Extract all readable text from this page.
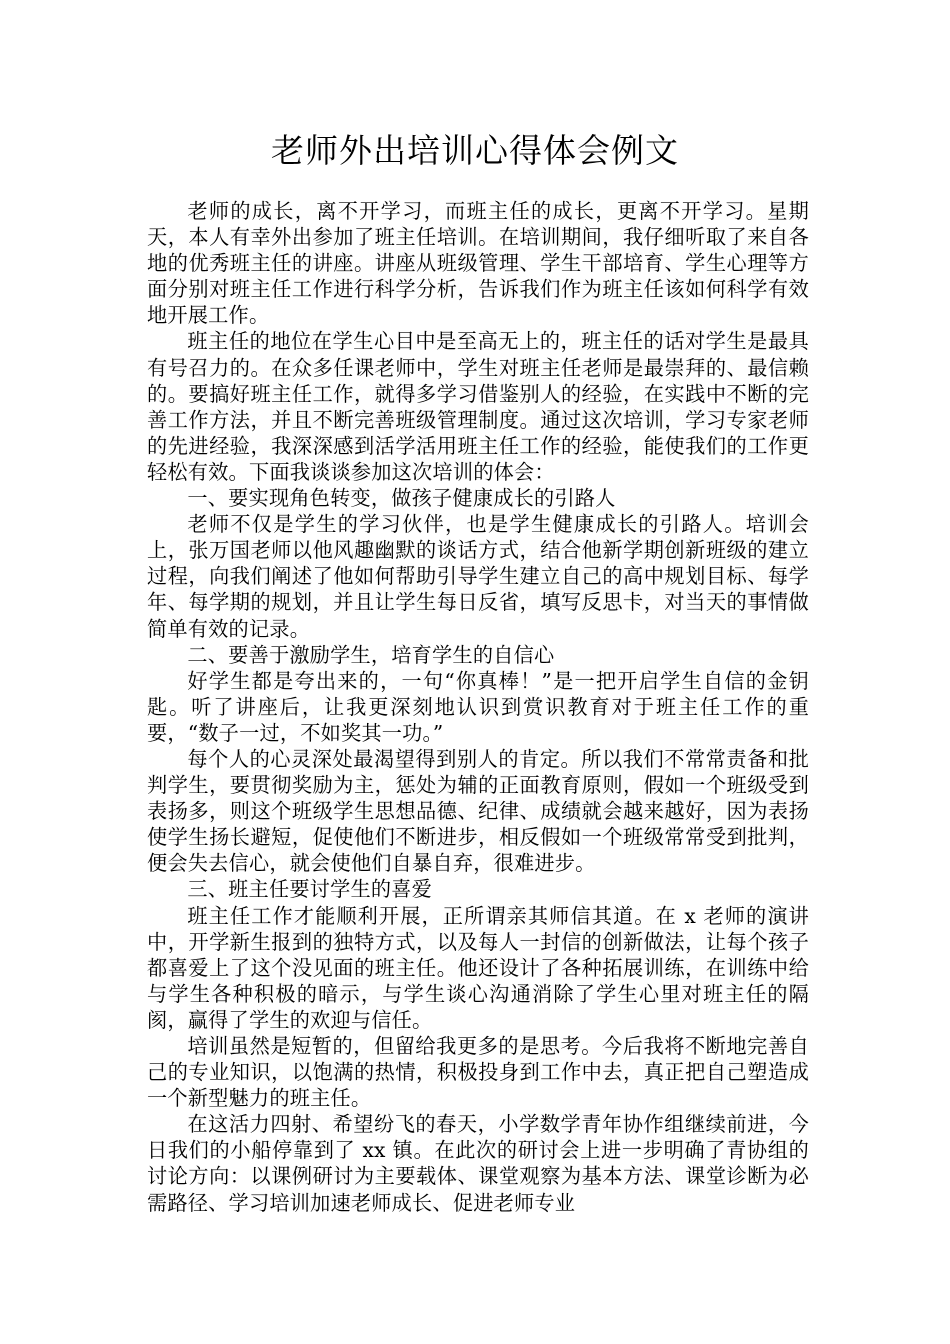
老师外出培训心得体会例文

老师的成长，离不开学习，而班主任的成长，更离不开学习。星期天，本人有幸外出参加了班主任培训。在培训期间，我仔细听取了来自各地的优秀班主任的讲座。讲座从班级管理、学生干部培育、学生心理等方面分别对班主任工作进行科学分析，告诉我们作为班主任该如何科学有效地开展工作。

班主任的地位在学生心目中是至高无上的，班主任的话对学生是最具有号召力的。在众多任课老师中，学生对班主任老师是最崇拜的、最信赖的。要搞好班主任工作，就得多学习借鉴别人的经验，在实践中不断的完善工作方法，并且不断完善班级管理制度。通过这次培训，学习专家老师的先进经验，我深深感到活学活用班主任工作的经验，能使我们的工作更轻松有效。下面我谈谈参加这次培训的体会：

一、要实现角色转变，做孩子健康成长的引路人

老师不仅是学生的学习伙伴，也是学生健康成长的引路人。培训会上，张万国老师以他风趣幽默的谈话方式，结合他新学期创新班级的建立过程，向我们阐述了他如何帮助引导学生建立自己的高中规划目标、每学年、每学期的规划，并且让学生每日反省，填写反思卡，对当天的事情做简单有效的记录。

二、要善于激励学生，培育学生的自信心

好学生都是夸出来的，一句“你真棒！”是一把开启学生自信的金钥匙。听了讲座后，让我更深刻地认识到赏识教育对于班主任工作的重要，“数子一过，不如奖其一功。”

每个人的心灵深处最渴望得到别人的肯定。所以我们不常常责备和批判学生，要贯彻奖励为主，惩处为辅的正面教育原则，假如一个班级受到表扬多，则这个班级学生思想品德、纪律、成绩就会越来越好，因为表扬使学生扬长避短，促使他们不断进步，相反假如一个班级常常受到批判，便会失去信心，就会使他们自暴自弃，很难进步。

三、班主任要讨学生的喜爱

班主任工作才能顺利开展，正所谓亲其师信其道。在 x 老师的演讲中，开学新生报到的独特方式，以及每人一封信的创新做法，让每个孩子都喜爱上了这个没见面的班主任。他还设计了各种拓展训练，在训练中给与学生各种积极的暗示，与学生谈心沟通消除了学生心里对班主任的隔阂，赢得了学生的欢迎与信任。

培训虽然是短暂的，但留给我更多的是思考。今后我将不断地完善自己的专业知识，以饱满的热情，积极投身到工作中去，真正把自己塑造成一个新型魅力的班主任。

在这活力四射、希望纷飞的春天，小学数学青年协作组继续前进，今日我们的小船停靠到了 xx 镇。在此次的研讨会上进一步明确了青协组的讨论方向：以课例研讨为主要载体、课堂观察为基本方法、课堂诊断为必需路径、学习培训加速老师成长、促进老师专业
